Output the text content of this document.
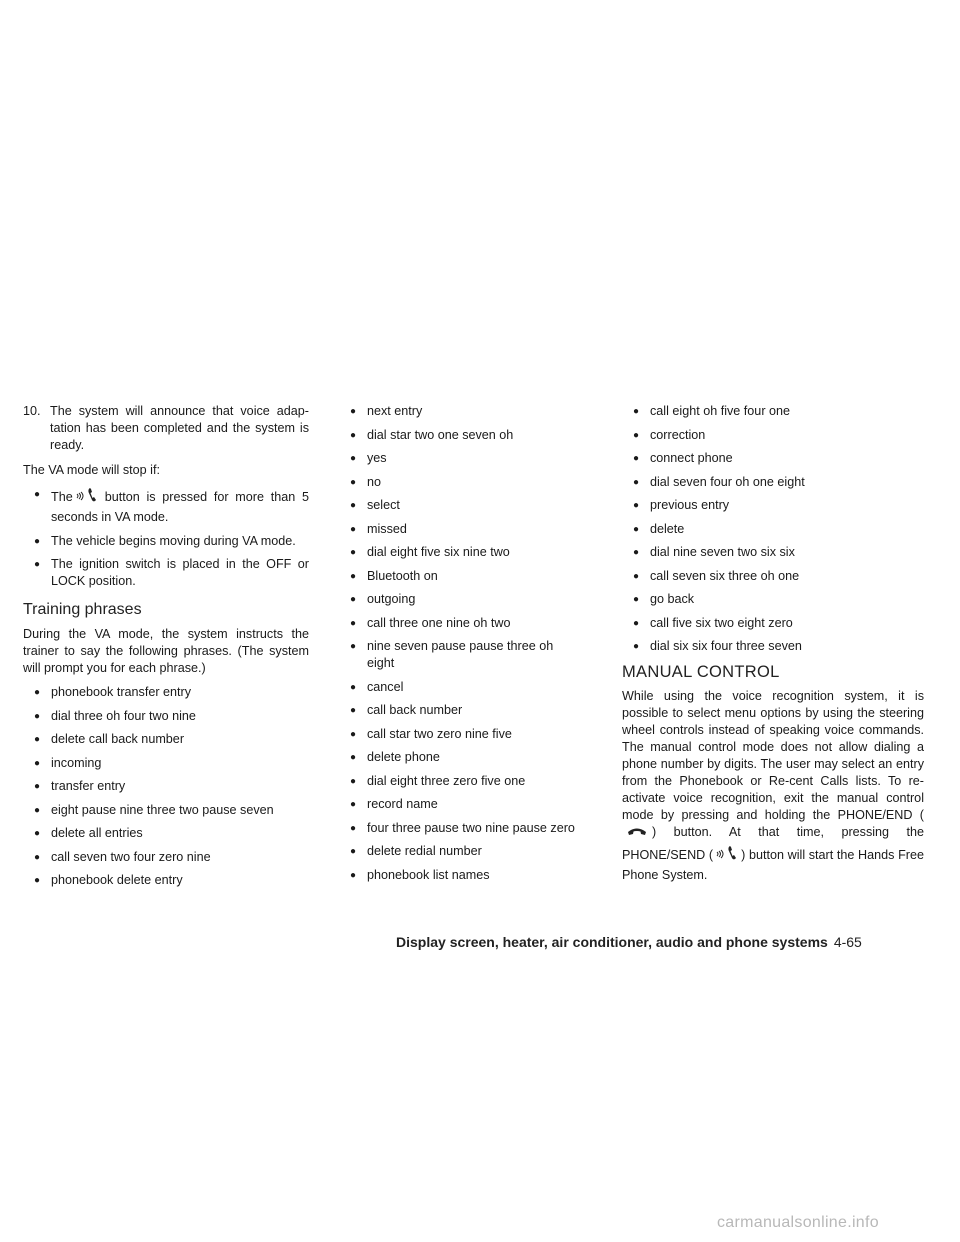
10. The system will announce that voice adap-tation has been completed and the system is ready.

The VA mode will stop if:

● The	button is pressed for more than 5 seconds in VA mode.
● The vehicle begins moving during VA mode.
● The ignition switch is placed in the OFF or LOCK position.
Training phrases

During the VA mode, the system instructs the trainer to say the following phrases. (The system will prompt you for each phrase.)

● phonebook transfer entry
● dial three oh four two nine
● delete call back number
● incoming
● transfer entry
● eight pause nine three two pause seven
● delete all entries
● call seven two four zero nine
● phonebook delete entry
● next entry
● dial star two one seven oh
● yes
● no
● select
● missed
● dial eight five six nine two
● Bluetooth on
● outgoing
● call three one nine oh two
● nine seven pause pause three oh eight
● cancel
● call back number
● call star two zero nine five
● delete phone
● dial eight three zero five one
● record name
● four three pause two nine pause zero
● delete redial number
● phonebook list names
● call eight oh five four one
● correction
● connect phone
● dial seven four oh one eight
● previous entry
● delete
● dial nine seven two six six
● call seven six three oh one
● go back
● call five six two eight zero
● dial six six four three seven
MANUAL CONTROL

While using the voice recognition system, it is possible to select menu options by using the steering wheel controls instead of speaking voice commands. The manual control mode does not allow dialing a phone number by digits. The user may select an entry from the Phonebook or Re-cent Calls lists. To re-activate voice recognition, exit the manual control mode by pressing and holding the PHONE/END () button. At that time, pressing the PHONE/SEND ( ) button will start the Hands Free Phone System.

Display screen, heater, air conditioner, audio and phone systems 4-65
carmanualsonline.info
